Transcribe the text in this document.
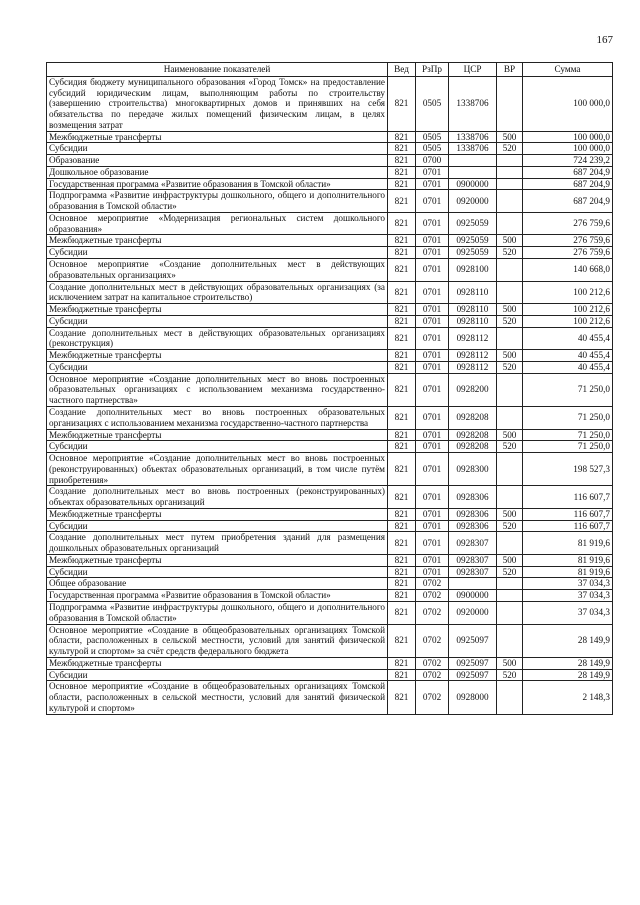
167
Наименование показателей	Вед	РзПр	ЦСР	ВР	Сумма
Субсидия бюджету муниципального образования «Город Томск» на предоставление субсидий юридическим лицам, выполняющим работы по строительству (завершению строительства) многоквартирных домов и принявших на себя обязательства по передаче жилых помещений физическим лицам, в целях возмещения затрат	821	0505	1338706		100 000,0
Межбюджетные трансферты	821	0505	1338706	500	100 000,0
Субсидии	821	0505	1338706	520	100 000,0
Образование	821	0700			724 239,2
Дошкольное образование	821	0701			687 204,9
Государственная программа «Развитие образования в Томской области»	821	0701	0900000		687 204,9
Подпрограмма «Развитие инфраструктуры дошкольного, общего и дополнительного образования в Томской области»	821	0701	0920000		687 204,9
Основное мероприятие «Модернизация региональных систем дошкольного образования»	821	0701	0925059		276 759,6
Межбюджетные трансферты	821	0701	0925059	500	276 759,6
Субсидии	821	0701	0925059	520	276 759,6
Основное мероприятие «Создание дополнительных мест в действующих образовательных организациях»	821	0701	0928100		140 668,0
Создание дополнительных мест в действующих образовательных организациях (за исключением затрат на капитальное строительство)	821	0701	0928110		100 212,6
Межбюджетные трансферты	821	0701	0928110	500	100 212,6
Субсидии	821	0701	0928110	520	100 212,6
Создание дополнительных мест в действующих образовательных организациях (реконструкция)	821	0701	0928112		40 455,4
Межбюджетные трансферты	821	0701	0928112	500	40 455,4
Субсидии	821	0701	0928112	520	40 455,4
Основное мероприятие «Создание дополнительных мест во вновь построенных образовательных организациях с использованием механизма государственно-частного партнерства»	821	0701	0928200		71 250,0
Создание дополнительных мест во вновь построенных образовательных организациях с использованием механизма государственно-частного партнерства	821	0701	0928208		71 250,0
Межбюджетные трансферты	821	0701	0928208	500	71 250,0
Субсидии	821	0701	0928208	520	71 250,0
Основное мероприятие «Создание дополнительных мест во вновь построенных (реконструированных) объектах образовательных организаций, в том числе путём приобретения»	821	0701	0928300		198 527,3
Создание дополнительных мест во вновь построенных (реконструированных) объектах образовательных организаций	821	0701	0928306		116 607,7
Межбюджетные трансферты	821	0701	0928306	500	116 607,7
Субсидии	821	0701	0928306	520	116 607,7
Создание дополнительных мест путем приобретения зданий для размещения дошкольных образовательных организаций	821	0701	0928307		81 919,6
Межбюджетные трансферты	821	0701	0928307	500	81 919,6
Субсидии	821	0701	0928307	520	81 919,6
Общее образование	821	0702			37 034,3
Государственная программа «Развитие образования в Томской области»	821	0702	0900000		37 034,3
Подпрограмма «Развитие инфраструктуры дошкольного, общего и дополнительного образования в Томской области»	821	0702	0920000		37 034,3
Основное мероприятие «Создание в общеобразовательных организациях Томской области, расположенных в сельской местности, условий для занятий физической культурой и спортом» за счёт средств федерального бюджета	821	0702	0925097		28 149,9
Межбюджетные трансферты	821	0702	0925097	500	28 149,9
Субсидии	821	0702	0925097	520	28 149,9
Основное мероприятие «Создание в общеобразовательных организациях Томской области, расположенных в сельской местности, условий для занятий физической культурой и спортом»	821	0702	0928000		2 148,3
